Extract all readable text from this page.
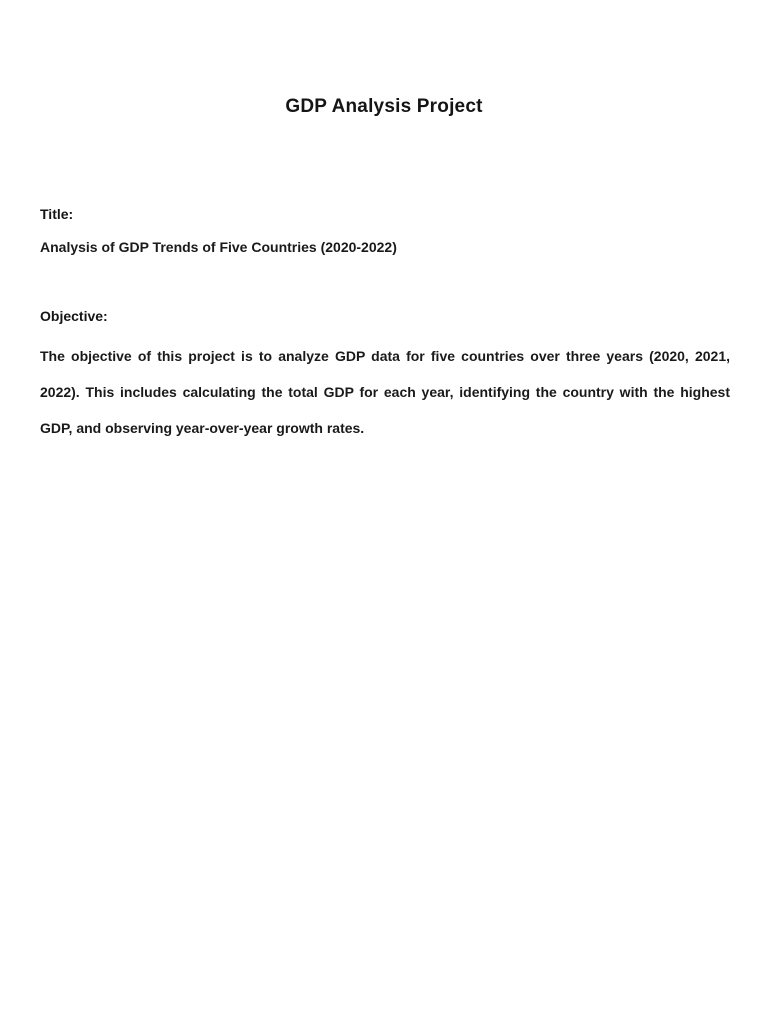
GDP Analysis Project

Title:

Analysis of GDP Trends of Five Countries (2020-2022)

Objective:

The objective of this project is to analyze GDP data for five countries over three years (2020, 2021, 2022). This includes calculating the total GDP for each year, identifying the country with the highest GDP, and observing year-over-year growth rates.
